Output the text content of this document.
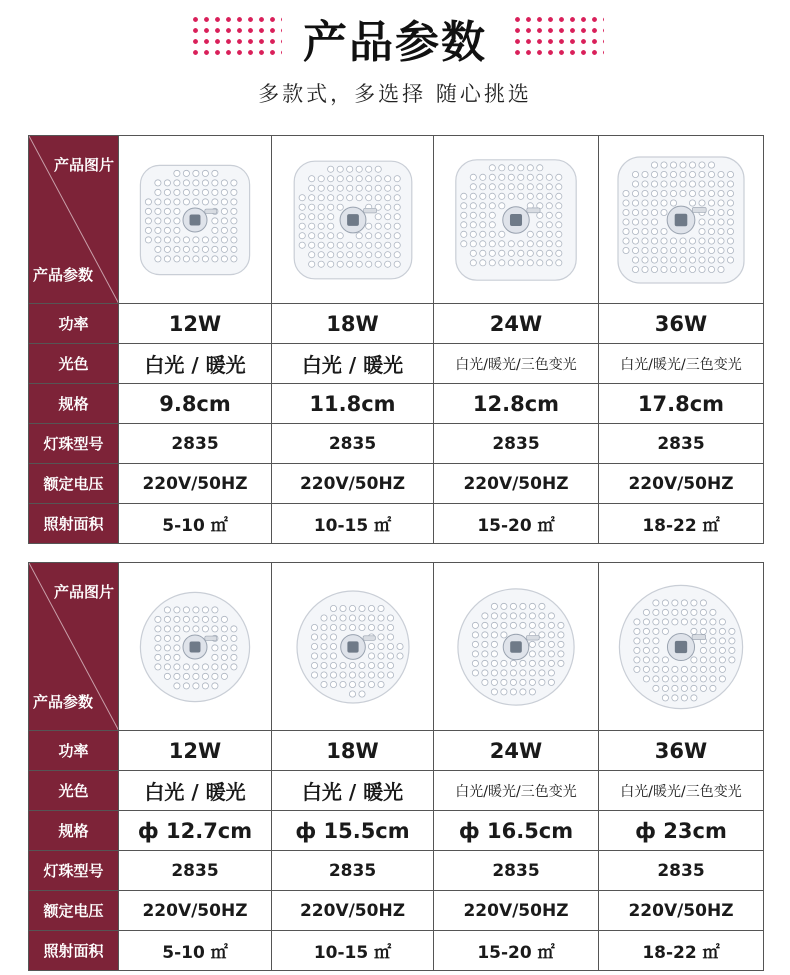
产品参数
多款式，多选择 随心挑选
产品图片
产品参数

功率	12W	18W	24W	36W
光色	白光 / 暖光	白光 / 暖光	白光/暖光/三色变光	白光/暖光/三色变光
规格	9.8cm	11.8cm	12.8cm	17.8cm
灯珠型号	2835	2835	2835	2835
额定电压	220V/50HZ	220V/50HZ	220V/50HZ	220V/50HZ
照射面积	5-10 ㎡	10-15 ㎡	15-20 ㎡	18-22 ㎡
产品图片
产品参数

功率	12W	18W	24W	36W
光色	白光 / 暖光	白光 / 暖光	白光/暖光/三色变光	白光/暖光/三色变光
规格	ф 12.7cm	ф 15.5cm	ф 16.5cm	ф 23cm
灯珠型号	2835	2835	2835	2835
额定电压	220V/50HZ	220V/50HZ	220V/50HZ	220V/50HZ
照射面积	5-10 ㎡	10-15 ㎡	15-20 ㎡	18-22 ㎡
